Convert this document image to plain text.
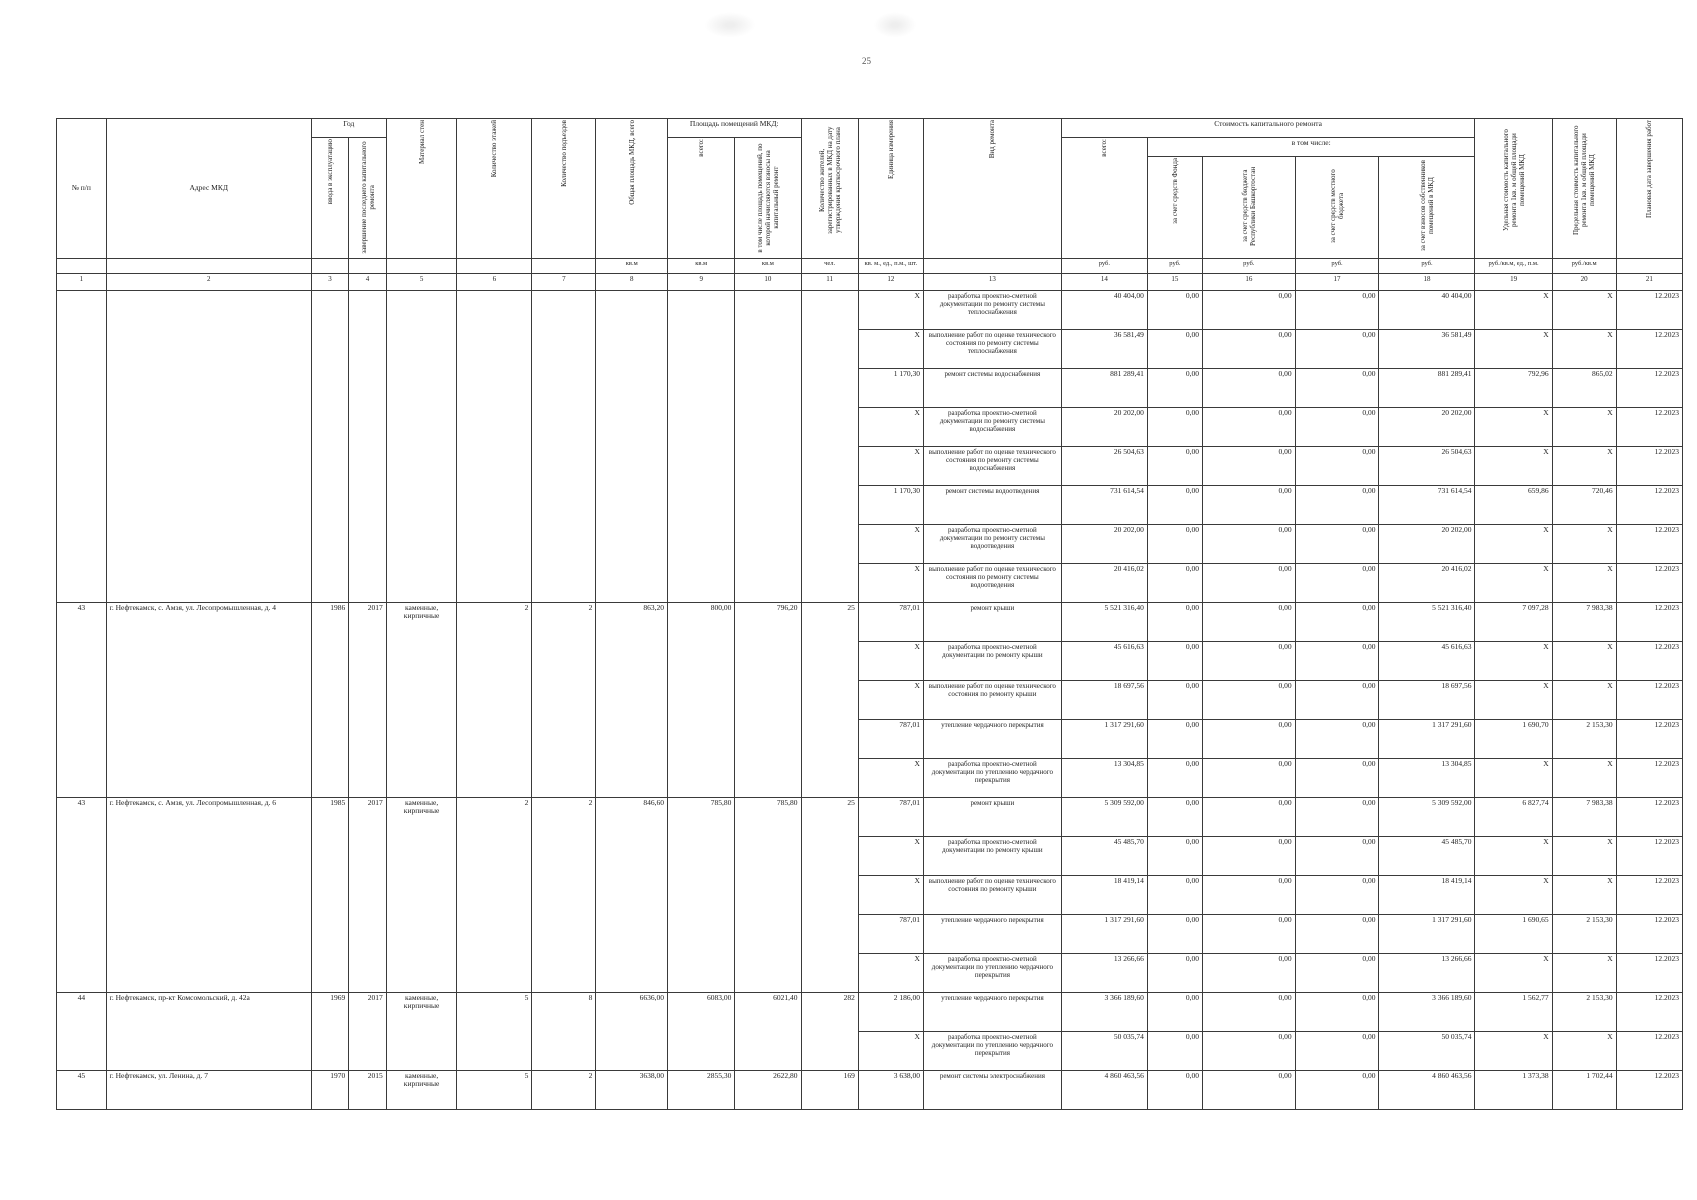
25
№ п/п	Адрес МКД	Год		Материал стен	Количество этажей	Количество подъездов	Общая площадь МКД, всего	Площадь помещений МКД:		Количество жителей, зарегистрированных в МКД на дату утверждения краткосрочного плана	Единица измерения	Вид ремонта	Стоимость капитального ремонта					Удельная стоимость капитального ремонта 1кв. м общей площади помещений МКД	Предельная стоимость капитального ремонта 1кв. м общей площади помещений МКД	Плановая дата завершения работ
		ввода в эксплуатацию	завершение последнего капитального ремонта					всего:	в том числе площадь помещений, по которой начисляются взносы на капитальный ремонт				всего:	в том числе:						
														за счет средств Фонда	за счет средств бюджета Республики Башкортостан	за счет средств местного бюджета	за счет взносов собственников помещений в МКД			
							кв.м	кв.м	кв.м	чел.	кв. м., ед., п.м., шт.		руб.	руб.	руб.	руб.	руб.	руб./кв.м, ед., п.м.	руб./кв.м	
1	2	3	4	5	6	7	8	9	10	11	12	13	14	15	16	17	18	19	20	21
											X	разработка проектно-сметной документации по ремонту системы теплоснабжения	40 404,00	0,00	0,00	0,00	40 404,00	X	X	12.2023
											X	выполнение работ по оценке технического состояния по ремонту системы теплоснабжения	36 581,49	0,00	0,00	0,00	36 581,49	X	X	12.2023
											1 170,30	ремонт системы водоснабжения	881 289,41	0,00	0,00	0,00	881 289,41	792,96	865,02	12.2023
											X	разработка проектно-сметной документации по ремонту системы водоснабжения	20 202,00	0,00	0,00	0,00	20 202,00	X	X	12.2023
											X	выполнение работ по оценке технического состояния по ремонту системы водоснабжения	26 504,63	0,00	0,00	0,00	26 504,63	X	X	12.2023
											1 170,30	ремонт системы водоотведения	731 614,54	0,00	0,00	0,00	731 614,54	659,86	720,46	12.2023
											X	разработка проектно-сметной документации по ремонту системы водоотведения	20 202,00	0,00	0,00	0,00	20 202,00	X	X	12.2023
											X	выполнение работ по оценке технического состояния по ремонту системы водоотведения	20 416,02	0,00	0,00	0,00	20 416,02	X	X	12.2023
43	г. Нефтекамск, с. Амзя, ул. Лесопромышленная, д. 4	1986	2017	каменные, кирпичные	2	2	863,20	800,00	796,20	25	787,01	ремонт крыши	5 521 316,40	0,00	0,00	0,00	5 521 316,40	7 097,28	7 983,38	12.2023
											X	разработка проектно-сметной документации по ремонту крыши	45 616,63	0,00	0,00	0,00	45 616,63	X	X	12.2023
											X	выполнение работ по оценке технического состояния по ремонту крыши	18 697,56	0,00	0,00	0,00	18 697,56	X	X	12.2023
											787,01	утепление чердачного перекрытия	1 317 291,60	0,00	0,00	0,00	1 317 291,60	1 690,70	2 153,30	12.2023
											X	разработка проектно-сметной документации по утеплению чердачного перекрытия	13 304,85	0,00	0,00	0,00	13 304,85	X	X	12.2023
43	г. Нефтекамск, с. Амзя, ул. Лесопромышленная, д. 6	1985	2017	каменные, кирпичные	2	2	846,60	785,80	785,80	25	787,01	ремонт крыши	5 309 592,00	0,00	0,00	0,00	5 309 592,00	6 827,74	7 983,38	12.2023
											X	разработка проектно-сметной документации по ремонту крыши	45 485,70	0,00	0,00	0,00	45 485,70	X	X	12.2023
											X	выполнение работ по оценке технического состояния по ремонту крыши	18 419,14	0,00	0,00	0,00	18 419,14	X	X	12.2023
											787,01	утепление чердачного перекрытия	1 317 291,60	0,00	0,00	0,00	1 317 291,60	1 690,65	2 153,30	12.2023
											X	разработка проектно-сметной документации по утеплению чердачного перекрытия	13 266,66	0,00	0,00	0,00	13 266,66	X	X	12.2023
44	г. Нефтекамск, пр-кт Комсомольский, д. 42а	1969	2017	каменные, кирпичные	5	8	6636,00	6083,00	6021,40	282	2 186,00	утепление чердачного перекрытия	3 366 189,60	0,00	0,00	0,00	3 366 189,60	1 562,77	2 153,30	12.2023
											X	разработка проектно-сметной документации по утеплению чердачного перекрытия	50 035,74	0,00	0,00	0,00	50 035,74	X	X	12.2023
45	г. Нефтекамск, ул. Ленина, д. 7	1970	2015	каменные, кирпичные	5	2	3638,00	2855,30	2622,80	169	3 638,00	ремонт системы электроснабжения	4 860 463,56	0,00	0,00	0,00	4 860 463,56	1 373,38	1 702,44	12.2023
